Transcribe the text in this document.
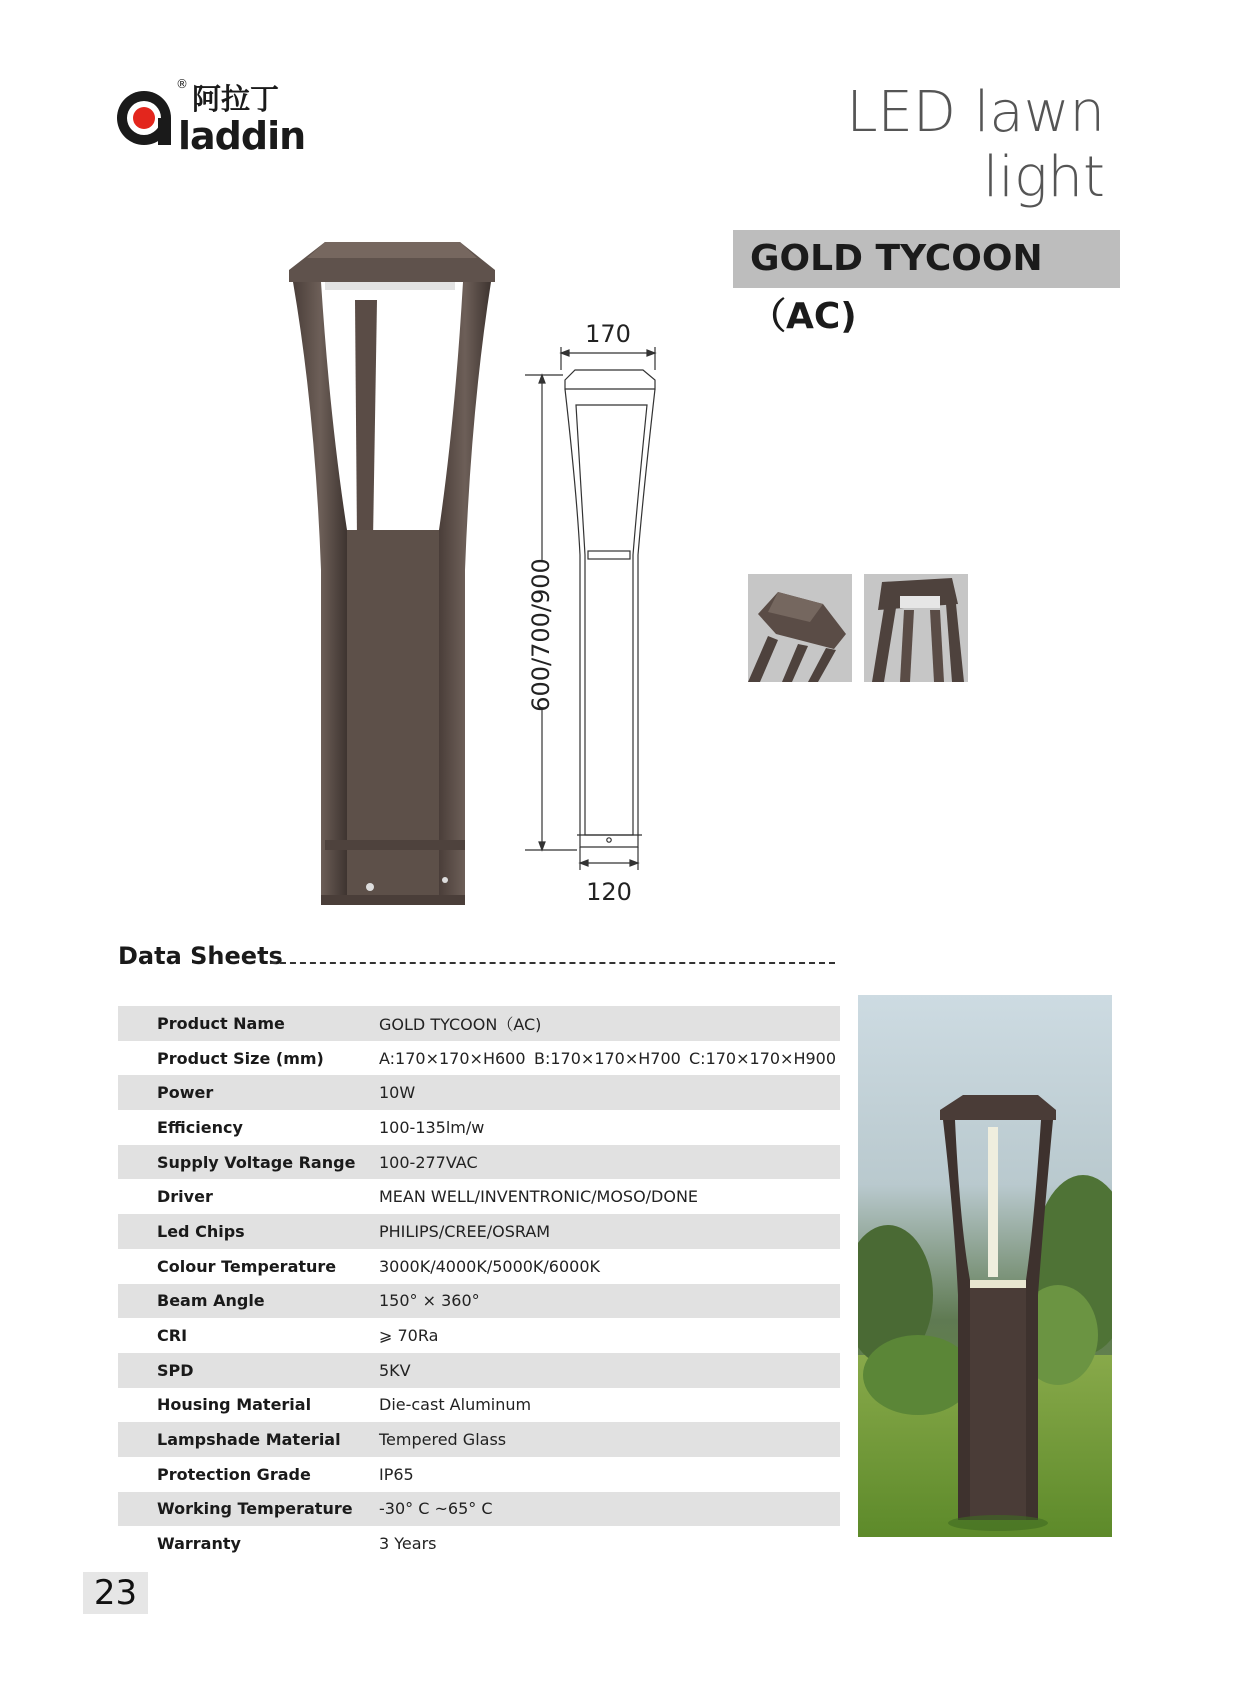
® 阿拉丁
laddin	LED lawn light
GOLD TYCOON（AC)
170
120
600/700/900
Data Sheets
Product Name	GOLD TYCOON（AC)
Product Size (mm)	A:170×170×H600 B:170×170×H700 C:170×170×H900
Power	10W
Efficiency	100-135lm/w
Supply Voltage Range	100-277VAC
Driver	MEAN WELL/INVENTRONIC/MOSO/DONE
Led Chips	PHILIPS/CREE/OSRAM
Colour Temperature	3000K/4000K/5000K/6000K
Beam Angle	150° × 360°
CRI	⩾ 70Ra
SPD	5KV
Housing Material	Die-cast Aluminum
Lampshade Material	Tempered Glass
Protection Grade	IP65
Working Temperature	-30° C ~65° C
Warranty	3 Years
23
